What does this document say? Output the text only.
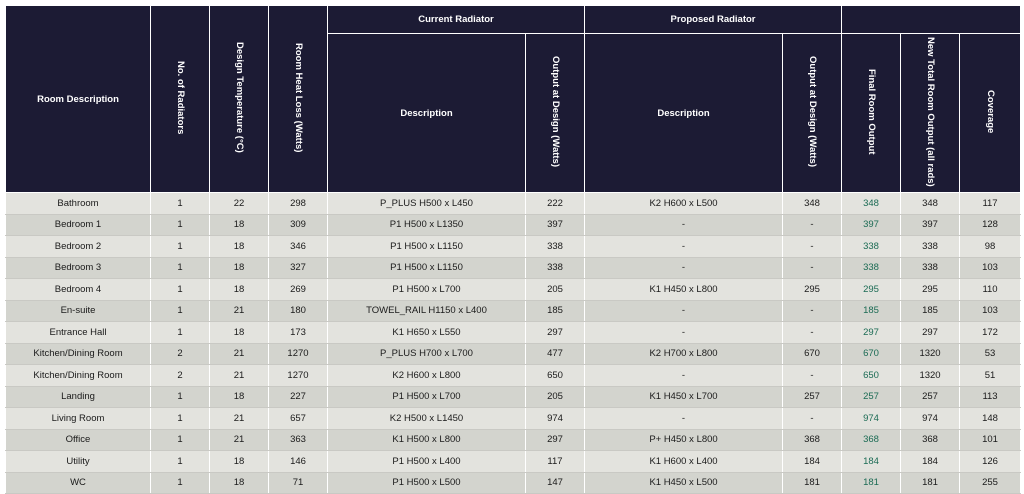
Room Description	No. of Radiators	Design Temperature (°C)	Room Heat Loss (Watts)	Current Radiator		Proposed Radiator				
				Description	Output at Design (Watts)	Description	Output at Design (Watts)	Final Room Output	New Total Room Output (all rads)	Coverage
Bathroom	1	22	298	P_PLUS H500 x L450	222	K2 H600 x L500	348	348	348	117
Bedroom 1	1	18	309	P1 H500 x L1350	397	-	-	397	397	128
Bedroom 2	1	18	346	P1 H500 x L1150	338	-	-	338	338	98
Bedroom 3	1	18	327	P1 H500 x L1150	338	-	-	338	338	103
Bedroom 4	1	18	269	P1 H500 x L700	205	K1 H450 x L800	295	295	295	110
En-suite	1	21	180	TOWEL_RAIL H1150 x L400	185	-	-	185	185	103
Entrance Hall	1	18	173	K1 H650 x L550	297	-	-	297	297	172
Kitchen/Dining Room	2	21	1270	P_PLUS H700 x L700	477	K2 H700 x L800	670	670	1320	53
Kitchen/Dining Room	2	21	1270	K2 H600 x L800	650	-	-	650	1320	51
Landing	1	18	227	P1 H500 x L700	205	K1 H450 x L700	257	257	257	113
Living Room	1	21	657	K2 H500 x L1450	974	-	-	974	974	148
Office	1	21	363	K1 H500 x L800	297	P+ H450 x L800	368	368	368	101
Utility	1	18	146	P1 H500 x L400	117	K1 H600 x L400	184	184	184	126
WC	1	18	71	P1 H500 x L500	147	K1 H450 x L500	181	181	181	255
